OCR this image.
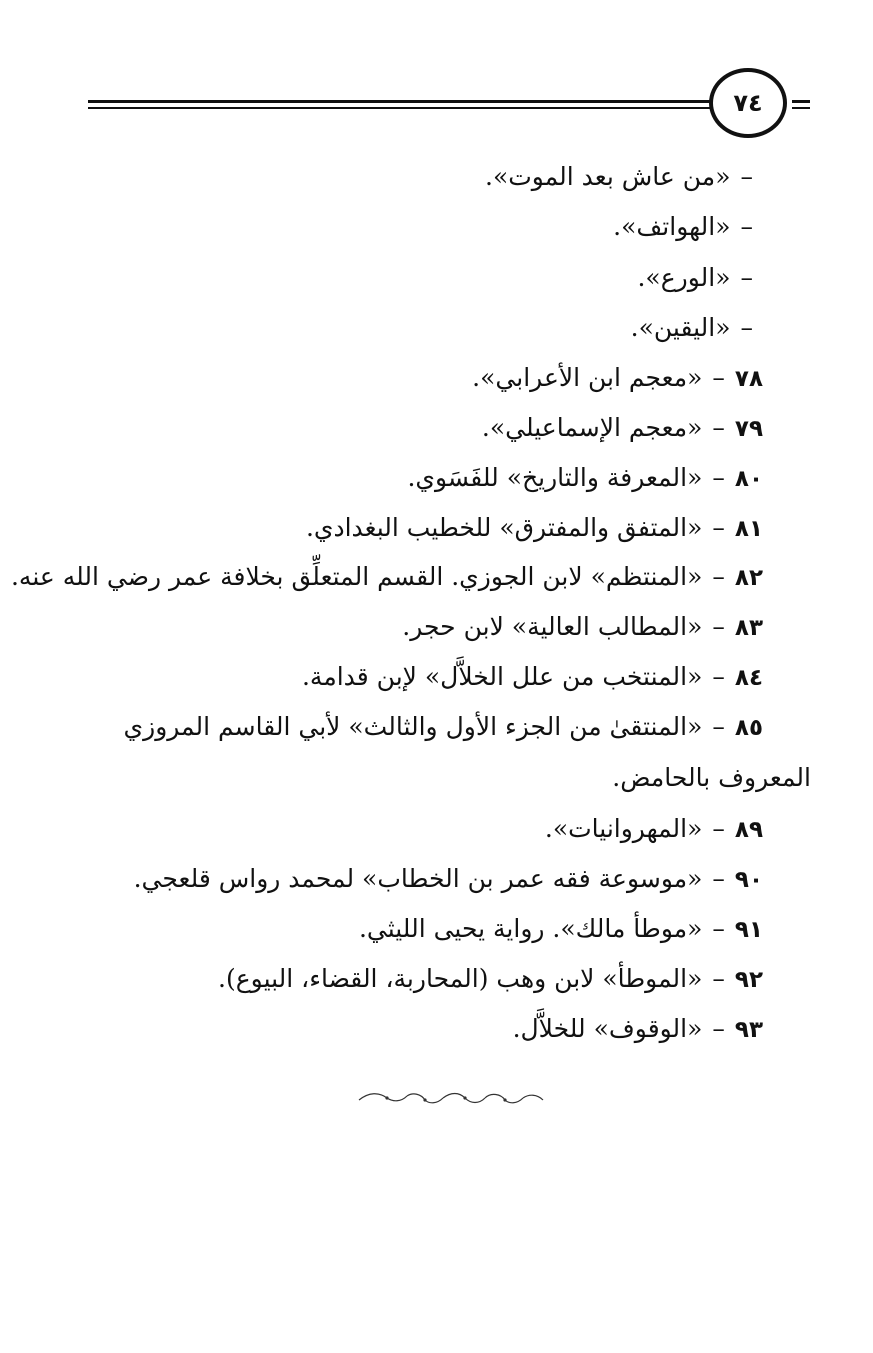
٧٤
–«من عاش بعد الموت».
–«الهواتف».
–«الورع».
–«اليقين».
٧٨–«معجم ابن الأعرابي».
٧٩–«معجم الإسماعيلي».
٨٠–«المعرفة والتاريخ» للفَسَوي.
٨١–«المتفق والمفترق» للخطيب البغدادي.
٨٢–«المنتظم» لابن الجوزي. القسم المتعلِّق بخلافة عمر رضي الله عنه.
٨٣–«المطالب العالية» لابن حجر.
٨٤–«المنتخب من علل الخلاَّل» لإبن قدامة.
٨٥–«المنتقىٰ من الجزء الأول والثالث» لأبي القاسم المروزي
المعروف بالحامض.
٨٩–«المهروانيات».
٩٠–«موسوعة فقه عمر بن الخطاب» لمحمد رواس قلعجي.
٩١–«موطأ مالك». رواية يحيى الليثي.
٩٢–«الموطأ» لابن وهب (المحاربة، القضاء، البيوع).
٩٣–«الوقوف» للخلاَّل.
